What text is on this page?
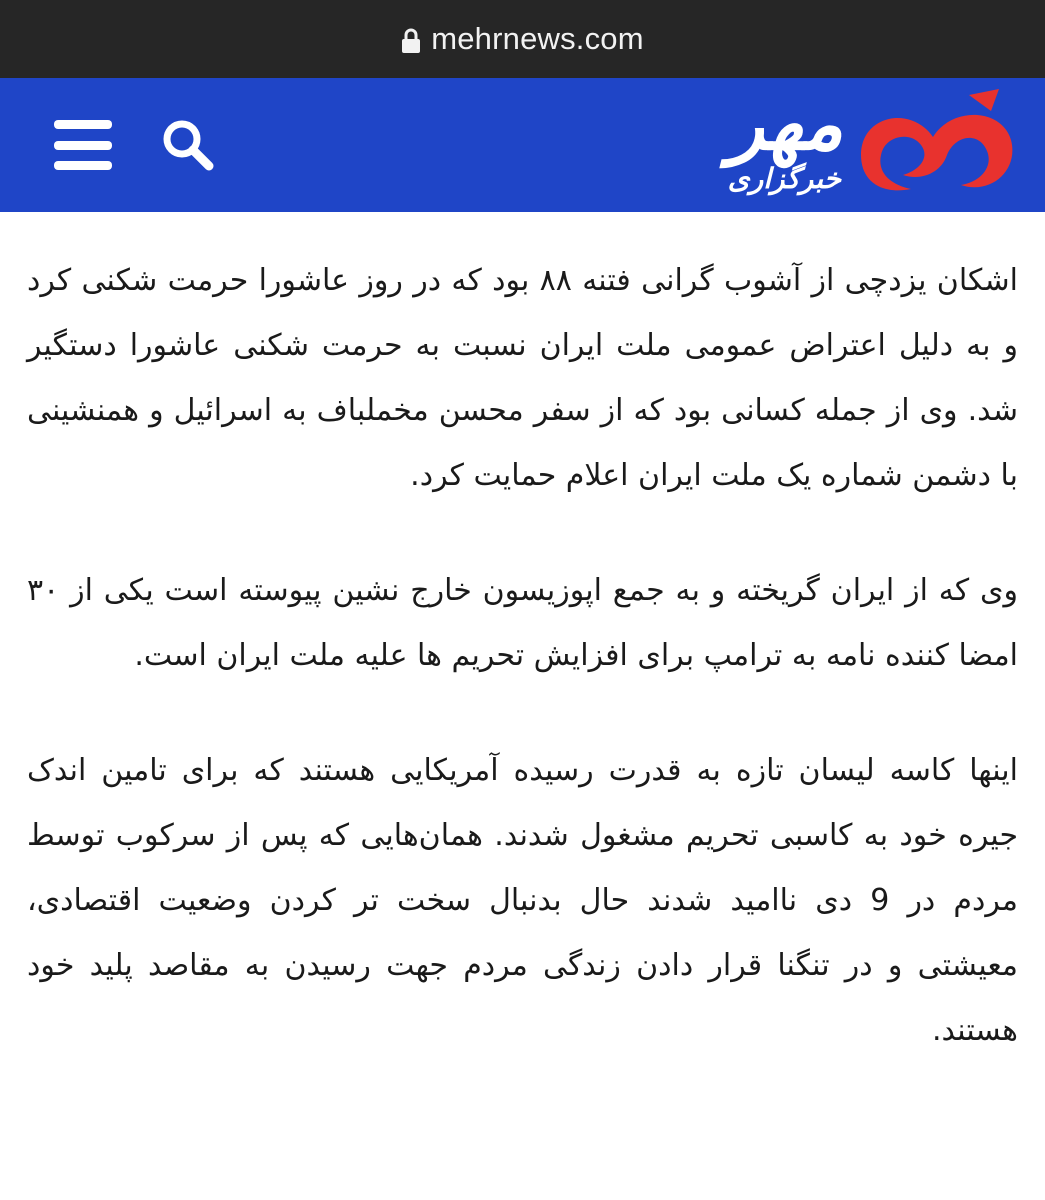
mehrnews.com
مهر
خبرگزاری

اشکان یزدچی از آشوب گرانی فتنه ۸۸ بود که در روز عاشورا حرمت شکنی کرد و به دلیل اعتراض عمومی ملت ایران نسبت به حرمت شکنی عاشورا دستگیر شد. وی از جمله کسانی بود که از سفر محسن مخملباف به اسرائیل و همنشینی با دشمن شماره یک ملت ایران اعلام حمایت کرد.

وی که از ایران گریخته و به جمع اپوزیسون خارج نشین پیوسته است یکی از ۳۰ امضا کننده نامه به ترامپ برای افزایش تحریم ها علیه ملت ایران است.

اینها کاسه لیسان تازه به قدرت رسیده آمریکایی هستند که برای تامین اندک جیره خود به کاسبی تحریم مشغول شدند. همان‌هایی که پس از سرکوب توسط مردم در 9 دی ناامید شدند حال بدنبال سخت تر کردن وضعیت اقتصادی، معیشتی و در تنگنا قرار دادن زندگی مردم جهت رسیدن به مقاصد پلید خود هستند.
